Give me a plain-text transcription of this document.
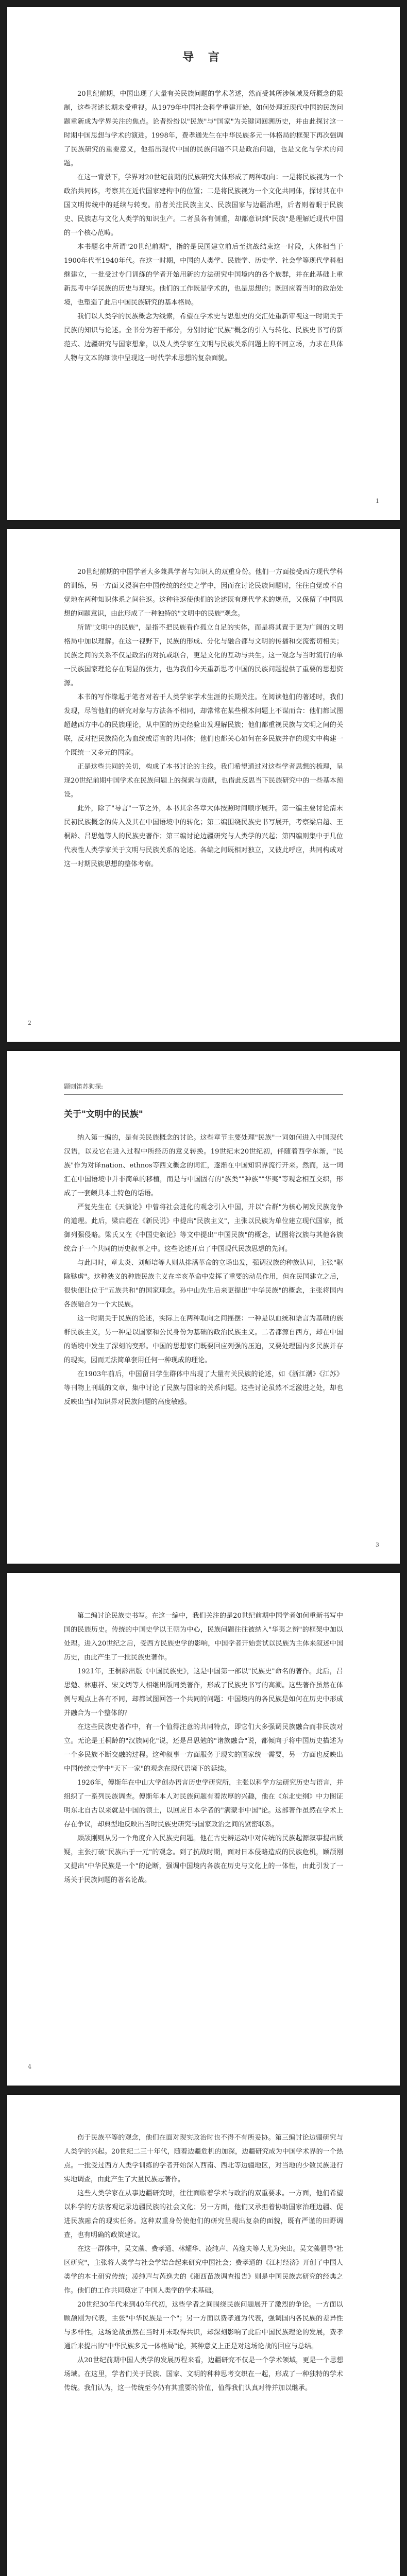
导 言

20世纪前期，中国出现了大量有关民族问题的学术著述，然而受其所涉领域及所概念的限制，这些著述长期未受重视。从1979年中国社会科学重建开始，如何处理近现代中国的民族问题重新成为学界关注的焦点。论者纷纷以"民族"与"国家"为关键词回溯历史，并由此探讨这一时期中国思想与学术的演进。1998年，费孝通先生在中华民族多元一体格局的框架下再次强调了民族研究的重要意义，他指出现代中国的民族问题不只是政治问题，也是文化与学术的问题。

在这一背景下，学界对20世纪前期的民族研究大体形成了两种取向：一是将民族视为一个政治共同体，考察其在近代国家建构中的位置；二是将民族视为一个文化共同体，探讨其在中国文明传统中的延续与转变。前者关注民族主义、民族国家与边疆治理，后者则着眼于民族史、民族志与文化人类学的知识生产。二者虽各有侧重，却都意识到"民族"是理解近现代中国的一个核心范畴。

本书题名中所谓"20世纪前期"，指的是民国建立前后至抗战结束这一时段，大体相当于1900年代至1940年代。在这一时期，中国的人类学、民族学、历史学、社会学等现代学科相继建立，一批受过专门训练的学者开始用新的方法研究中国境内的各个族群，并在此基础上重新思考中华民族的历史与现实。他们的工作既是学术的，也是思想的；既回应着当时的政治处境，也塑造了此后中国民族研究的基本格局。

我们以人类学的民族概念为线索，希望在学术史与思想史的交汇处重新审视这一时期关于民族的知识与论述。全书分为若干部分，分别讨论"民族"概念的引入与转化、民族史书写的新范式、边疆研究与国家想象，以及人类学家在文明与民族关系问题上的不同立场，力求在具体人物与文本的细读中呈现这一时代学术思想的复杂面貌。

1

20世纪前期的中国学者大多兼具学者与知识人的双重身份。他们一方面接受西方现代学科的训练，另一方面又浸润在中国传统的经史之学中，因而在讨论民族问题时，往往自觉或不自觉地在两种知识体系之间往返。这种往返使他们的论述既有现代学术的规范，又保留了中国思想的问题意识，由此形成了一种独特的"文明中的民族"观念。

所谓"文明中的民族"，是指不把民族看作孤立自足的实体，而是将其置于更为广阔的文明格局中加以理解。在这一视野下，民族的形成、分化与融合都与文明的传播和交流密切相关；民族之间的关系不仅是政治的对抗或联合，更是文化的互动与共生。这一观念与当时流行的单一民族国家理论存在明显的张力，也为我们今天重新思考中国的民族问题提供了重要的思想资源。

本书的写作缘起于笔者对若干人类学家学术生涯的长期关注。在阅读他们的著述时，我们发现，尽管他们的研究对象与方法各不相同，却常常在某些根本问题上不谋而合：他们都试图超越西方中心的民族理论，从中国的历史经验出发理解民族；他们都重视民族与文明之间的关联，反对把民族简化为血统或语言的共同体；他们也都关心如何在多民族并存的现实中构建一个既统一又多元的国家。

正是这些共同的关切，构成了本书讨论的主线。我们希望通过对这些学者思想的梳理，呈现20世纪前期中国学术在民族问题上的探索与贡献，也借此反思当下民族研究中的一些基本预设。

此外，除了"导言"一节之外，本书其余各章大体按照时间顺序展开。第一编主要讨论清末民初民族概念的传入及其在中国语境中的转化；第二编围绕民族史书写展开，考察梁启超、王桐龄、吕思勉等人的民族史著作；第三编讨论边疆研究与人类学的兴起；第四编则集中于几位代表性人类学家关于文明与民族关系的论述。各编之间既相对独立，又彼此呼应，共同构成对这一时期民族思想的整体考察。

2
题则笛苏狗探:
关于"文明中的民族"

纳入第一编的，是有关民族概念的讨论。这些章节主要处理"民族"一词如何进入中国现代汉语，以及它在进入过程中所经历的意义转换。19世纪末20世纪初，伴随着西学东渐，"民族"作为对译nation、ethnos等西文概念的词汇，逐渐在中国知识界流行开来。然而，这一词汇在中国语境中并非简单的移植，而是与中国固有的"族类""种族""华夷"等观念相互交织，形成了一套颇具本土特色的话语。

严复先生在《天演论》中曾将社会进化的观念引入中国，并以"合群"为核心阐发民族竞争的道理。此后，梁启超在《新民说》中提出"民族主义"，主张以民族为单位建立现代国家，抵御列强侵略。梁氏又在《中国史叙论》等文中提出"中国民族"的概念，试图将汉族与其他各族统合于一个共同的历史叙事之中。这些论述开启了中国现代民族思想的先河。

与此同时，章太炎、刘师培等人则从排满革命的立场出发，强调汉族的种族认同，主张"驱除鞑虏"。这种狭义的种族民族主义在辛亥革命中发挥了重要的动员作用，但在民国建立之后，很快便让位于"五族共和"的国家理念。孙中山先生后来更提出"中华民族"的概念，主张将国内各族融合为一个大民族。

这一时期关于民族的论述，实际上在两种取向之间摇摆：一种是以血统和语言为基础的族群民族主义，另一种是以国家和公民身份为基础的政治民族主义。二者都源自西方，却在中国的语境中发生了深刻的变形。中国的思想家们既要回应列强的压迫，又要处理国内多民族并存的现实，因而无法简单套用任何一种现成的理论。

在1903年前后，中国留日学生群体中出现了大量有关民族的论述，如《浙江潮》《江苏》等刊物上刊载的文章，集中讨论了民族与国家的关系问题。这些讨论虽然不乏激进之处，却也反映出当时知识界对民族问题的高度敏感。

3

第二编讨论民族史书写。在这一编中，我们关注的是20世纪前期中国学者如何重新书写中国的民族历史。传统的中国史学以王朝为中心，民族问题往往被纳入"华夷之辨"的框架中加以处理。进入20世纪之后，受西方民族史学的影响，中国学者开始尝试以民族为主体来叙述中国历史，由此产生了一批民族史著作。

1921年，王桐龄出版《中国民族史》，这是中国第一部以"民族史"命名的著作。此后，吕思勉、林惠祥、宋文炳等人相继出版同类著作，形成了民族史书写的高潮。这些著作虽然在体例与观点上各有不同，却都试图回答一个共同的问题：中国境内的各民族是如何在历史中形成并融合为一个整体的？

在这些民族史著作中，有一个值得注意的共同特点，即它们大多强调民族融合而非民族对立。无论是王桐龄的"汉族同化"说，还是吕思勉的"诸族融合"说，都倾向于将中国历史描述为一个多民族不断交融的过程。这种叙事一方面服务于现实的国家统一需要，另一方面也反映出中国传统史学中"天下一家"的观念在现代语境下的延续。

1926年，傅斯年在中山大学创办语言历史学研究所，主张以科学方法研究历史与语言，并组织了一系列民族调查。傅斯年本人对民族问题有着浓厚的兴趣，他在《东北史纲》中力图证明东北自古以来就是中国的领土，以回应日本学者的"满蒙非中国"论。这部著作虽然在学术上存在争议，却典型地反映出当时民族史研究与国家政治之间的紧密联系。

顾颉刚则从另一个角度介入民族史问题。他在古史辨运动中对传统的民族起源叙事提出质疑，主张打破"民族出于一元"的观念。到了抗战时期，面对日本侵略造成的民族危机，顾颉刚又提出"中华民族是一个"的论断，强调中国境内各族在历史与文化上的一体性，由此引发了一场关于民族问题的著名论战。

4

伤于民族平等的观念，他们在面对现实政治时也不得不有所妥协。第三编讨论边疆研究与人类学的兴起。20世纪二三十年代，随着边疆危机的加深，边疆研究成为中国学术界的一个热点。一批受过西方人类学训练的学者开始深入西南、西北等边疆地区，对当地的少数民族进行实地调查，由此产生了大量民族志著作。

这些人类学家在从事边疆研究时，往往面临着学术与政治的双重要求。一方面，他们希望以科学的方法客观记录边疆民族的社会文化；另一方面，他们又承担着协助国家治理边疆、促进民族融合的现实任务。这种双重身份使他们的研究呈现出复杂的面貌，既有严谨的田野调查，也有明确的政策建议。

在这一群体中，吴文藻、费孝通、林耀华、凌纯声、芮逸夫等人尤为突出。吴文藻倡导"社区研究"，主张将人类学与社会学结合起来研究中国社会；费孝通的《江村经济》开创了中国人类学的本土研究传统；凌纯声与芮逸夫的《湘西苗族调查报告》则是中国民族志研究的经典之作。他们的工作共同奠定了中国人类学的学术基础。

20世纪30年代末到40年代初，这些学者之间围绕民族问题展开了激烈的争论。一方面以顾颉刚为代表，主张"中华民族是一个"；另一方面以费孝通为代表，强调国内各民族的差异性与多样性。这场论战虽然在当时并未取得共识，却深刻影响了此后中国民族理论的发展，费孝通后来提出的"中华民族多元一体格局"论，某种意义上正是对这场论战的回应与总结。

从20世纪前期中国人类学的发展历程来看，边疆研究不仅是一个学术领域，更是一个思想场域。在这里，学者们关于民族、国家、文明的种种思考交织在一起，形成了一种独特的学术传统。我们认为，这一传统至今仍有其重要的价值，值得我们认真对待并加以继承。
